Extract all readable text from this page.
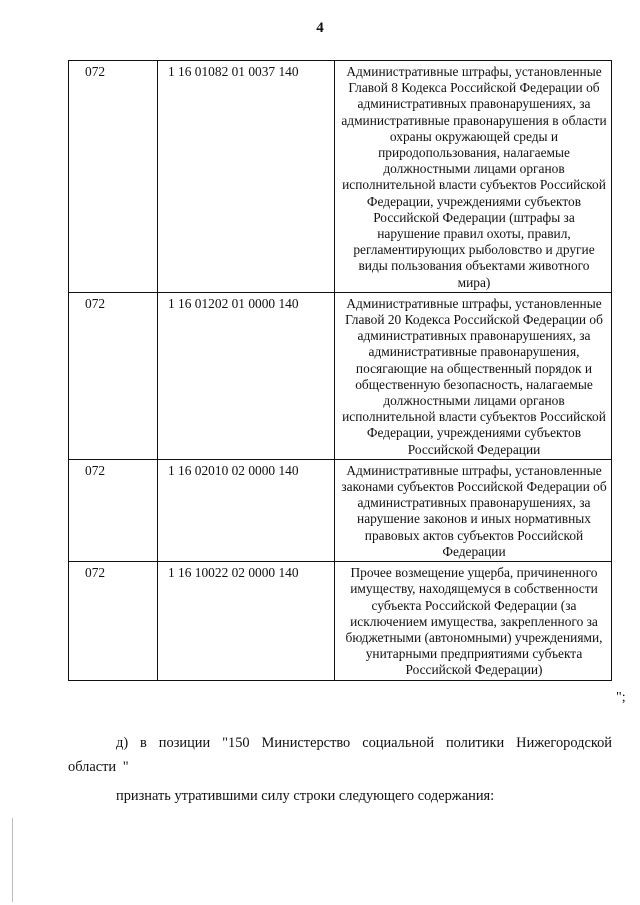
4
072	1 16 01082 01 0037 140	Административные штрафы, установленные Главой 8 Кодекса Российской Федерации об административных правонарушениях, за административные правонарушения в области охраны окружающей среды и природопользования, налагаемые должностными лицами органов исполнительной власти субъектов Российской Федерации, учреждениями субъектов Российской Федерации (штрафы за нарушение правил охоты, правил, регламентирующих рыболовство и другие виды пользования объектами животного мира)
072	1 16 01202 01 0000 140	Административные штрафы, установленные Главой 20 Кодекса Российской Федерации об административных правонарушениях, за административные правонарушения, посягающие на общественный порядок и общественную безопасность, налагаемые должностными лицами органов исполнительной власти субъектов Российской Федерации, учреждениями субъектов Российской Федерации
072	1 16 02010 02 0000 140	Административные штрафы, установленные законами субъектов Российской Федерации об административных правонарушениях, за нарушение законов и иных нормативных правовых актов субъектов Российской Федерации
072	1 16 10022 02 0000 140	Прочее возмещение ущерба, причиненного имуществу, находящемуся в собственности субъекта Российской Федерации (за исключением имущества, закрепленного за бюджетными (автономными) учреждениями, унитарными предприятиями субъекта Российской Федерации)
";
д) в позиции "150 Министерство социальной политики Нижегородской области "
признать утратившими силу строки следующего содержания:
